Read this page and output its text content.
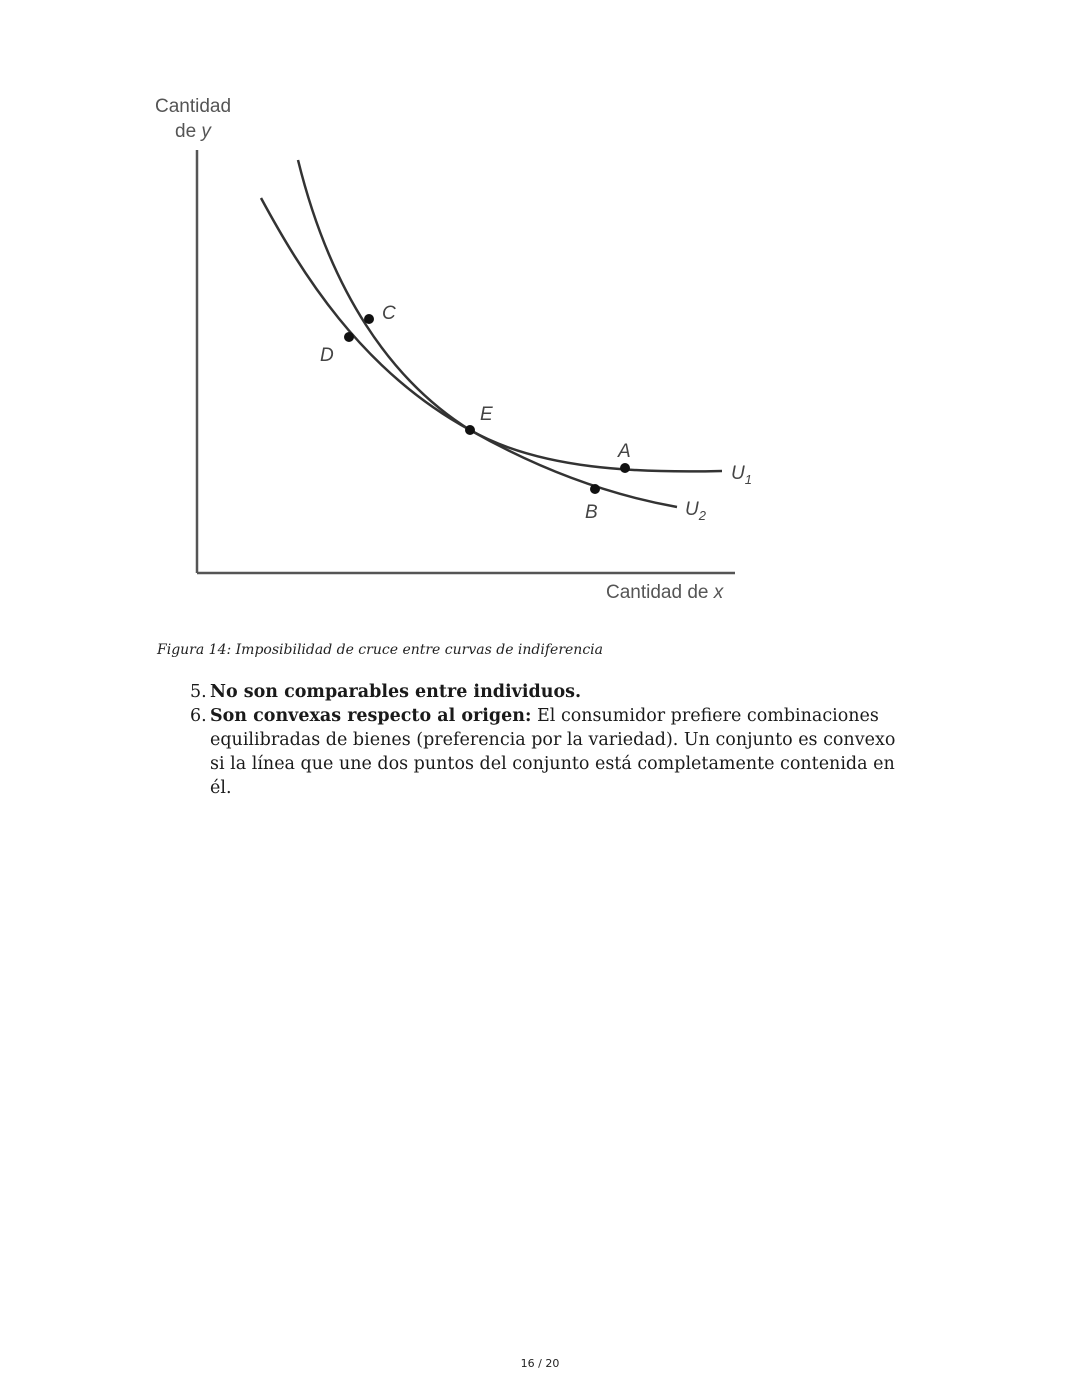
Cantidad
de y
Cantidad de x
C
D
E
A
B
$U_1$
$U_2$

Figura 14: Imposibilidad de cruce entre curvas de indiferencia

5. No son comparables entre individuos.
6. Son convexas respecto al origen: El consumidor prefiere combinaciones equilibradas de bienes (preferencia por la variedad). Un conjunto es convexo si la línea que une dos puntos del conjunto está completamente contenida en él.
16 / 20
